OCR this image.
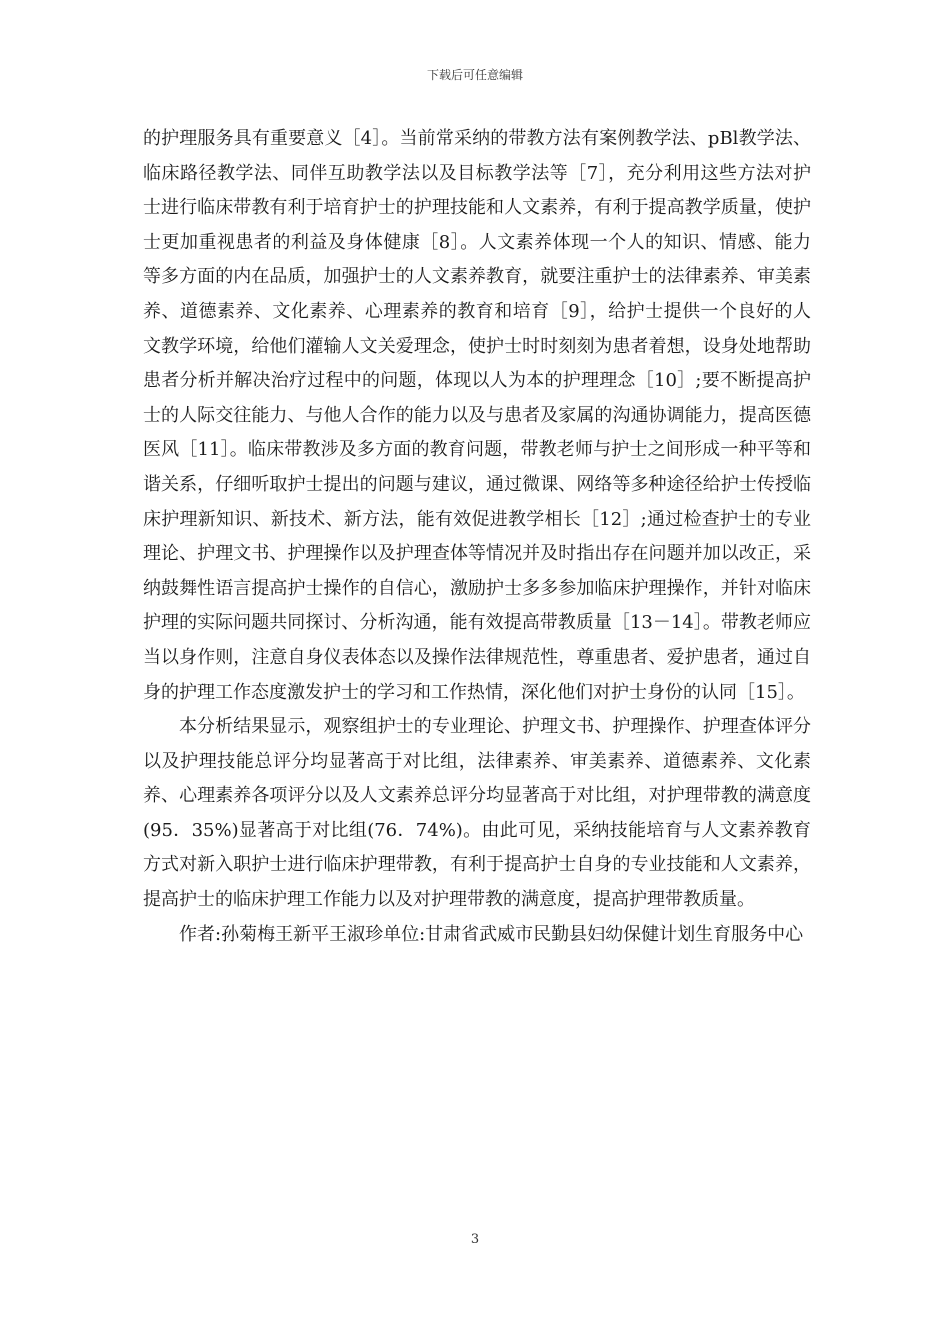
下载后可任意编辑

的护理服务具有重要意义［4］。当前常采纳的带教方法有案例教学法、pBl教学法、临床路径教学法、同伴互助教学法以及目标教学法等［7］，充分利用这些方法对护士进行临床带教有利于培育护士的护理技能和人文素养，有利于提高教学质量，使护士更加重视患者的利益及身体健康［8］。人文素养体现一个人的知识、情感、能力等多方面的内在品质，加强护士的人文素养教育，就要注重护士的法律素养、审美素养、道德素养、文化素养、心理素养的教育和培育［9］，给护士提供一个良好的人文教学环境，给他们灌输人文关爱理念，使护士时时刻刻为患者着想，设身处地帮助患者分析并解决治疗过程中的问题，体现以人为本的护理理念［10］;要不断提高护士的人际交往能力、与他人合作的能力以及与患者及家属的沟通协调能力，提高医德医风［11］。临床带教涉及多方面的教育问题，带教老师与护士之间形成一种平等和谐关系，仔细听取护士提出的问题与建议，通过微课、网络等多种途径给护士传授临床护理新知识、新技术、新方法，能有效促进教学相长［12］;通过检查护士的专业理论、护理文书、护理操作以及护理查体等情况并及时指出存在问题并加以改正，采纳鼓舞性语言提高护士操作的自信心，激励护士多多参加临床护理操作，并针对临床护理的实际问题共同探讨、分析沟通，能有效提高带教质量［13－14］。带教老师应当以身作则，注意自身仪表体态以及操作法律规范性，尊重患者、爱护患者，通过自身的护理工作态度激发护士的学习和工作热情，深化他们对护士身份的认同［15］。

本分析结果显示，观察组护士的专业理论、护理文书、护理操作、护理查体评分以及护理技能总评分均显著高于对比组，法律素养、审美素养、道德素养、文化素养、心理素养各项评分以及人文素养总评分均显著高于对比组，对护理带教的满意度(95．35%)显著高于对比组(76．74%)。由此可见，采纳技能培育与人文素养教育方式对新入职护士进行临床护理带教，有利于提高护士自身的专业技能和人文素养，提高护士的临床护理工作能力以及对护理带教的满意度，提高护理带教质量。

作者:孙菊梅王新平王淑珍单位:甘肃省武威市民勤县妇幼保健计划生育服务中心

3
